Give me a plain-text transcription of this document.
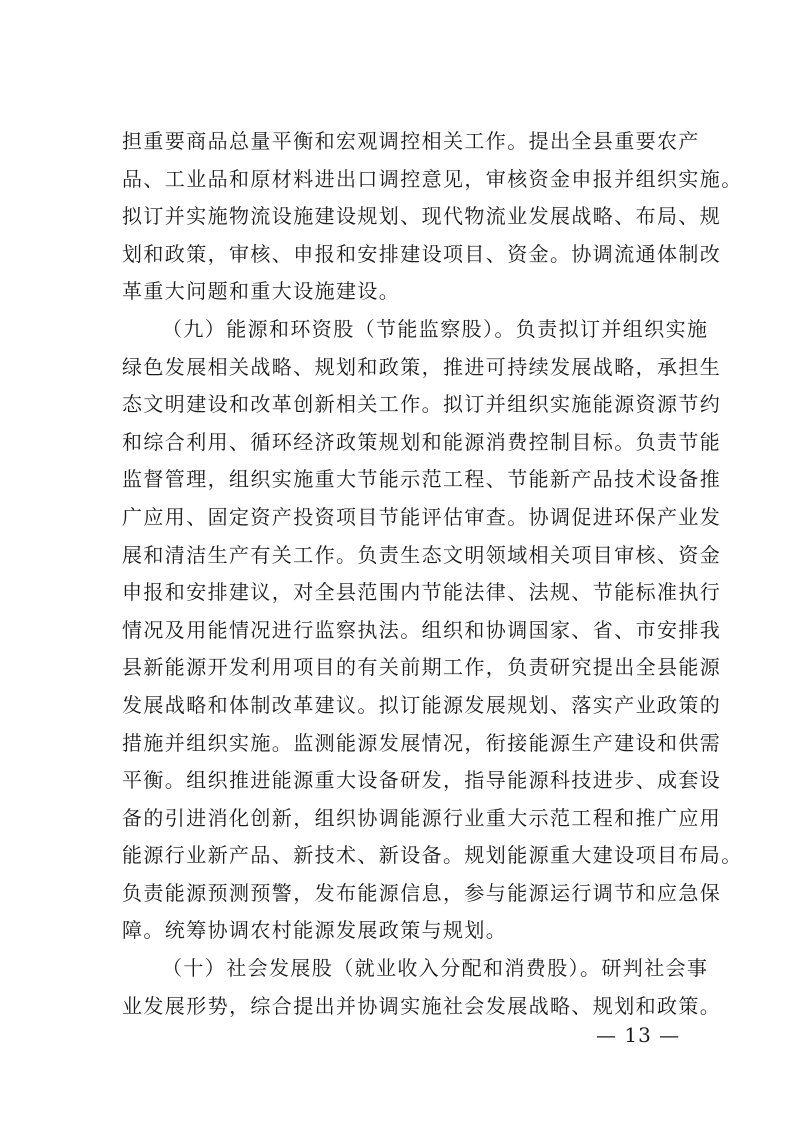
担重要商品总量平衡和宏观调控相关工作。提出全县重要农产
品、工业品和原材料进出口调控意见，审核资金申报并组织实施。
拟订并实施物流设施建设规划、现代物流业发展战略、布局、规
划和政策，审核、申报和安排建设项目、资金。协调流通体制改
革重大问题和重大设施建设。
（九）能源和环资股（节能监察股）。负责拟订并组织实施
绿色发展相关战略、规划和政策，推进可持续发展战略，承担生
态文明建设和改革创新相关工作。拟订并组织实施能源资源节约
和综合利用、循环经济政策规划和能源消费控制目标。负责节能
监督管理，组织实施重大节能示范工程、节能新产品技术设备推
广应用、固定资产投资项目节能评估审查。协调促进环保产业发
展和清洁生产有关工作。负责生态文明领域相关项目审核、资金
申报和安排建议，对全县范围内节能法律、法规、节能标准执行
情况及用能情况进行监察执法。组织和协调国家、省、市安排我
县新能源开发利用项目的有关前期工作，负责研究提出全县能源
发展战略和体制改革建议。拟订能源发展规划、落实产业政策的
措施并组织实施。监测能源发展情况，衔接能源生产建设和供需
平衡。组织推进能源重大设备研发，指导能源科技进步、成套设
备的引进消化创新，组织协调能源行业重大示范工程和推广应用
能源行业新产品、新技术、新设备。规划能源重大建设项目布局。
负责能源预测预警，发布能源信息，参与能源运行调节和应急保
障。统筹协调农村能源发展政策与规划。
（十）社会发展股（就业收入分配和消费股）。研判社会事
业发展形势，综合提出并协调实施社会发展战略、规划和政策。
— 13 —
